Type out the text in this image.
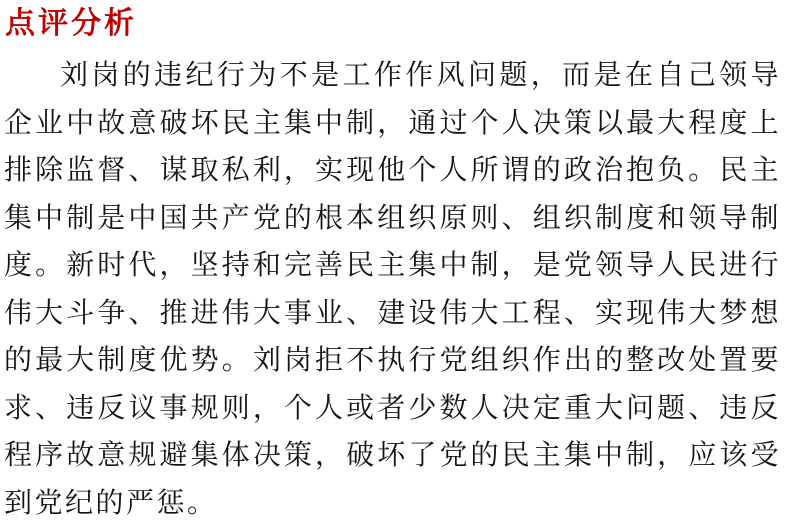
点评分析

刘岗的违纪行为不是工作作风问题，而是在自己领导企业中故意破坏民主集中制，通过个人决策以最大程度上排除监督、谋取私利，实现他个人所谓的政治抱负。民主集中制是中国共产党的根本组织原则、组织制度和领导制度。新时代，坚持和完善民主集中制，是党领导人民进行伟大斗争、推进伟大事业、建设伟大工程、实现伟大梦想的最大制度优势。刘岗拒不执行党组织作出的整改处置要求、违反议事规则，个人或者少数人决定重大问题、违反程序故意规避集体决策，破坏了党的民主集中制，应该受到党纪的严惩。
